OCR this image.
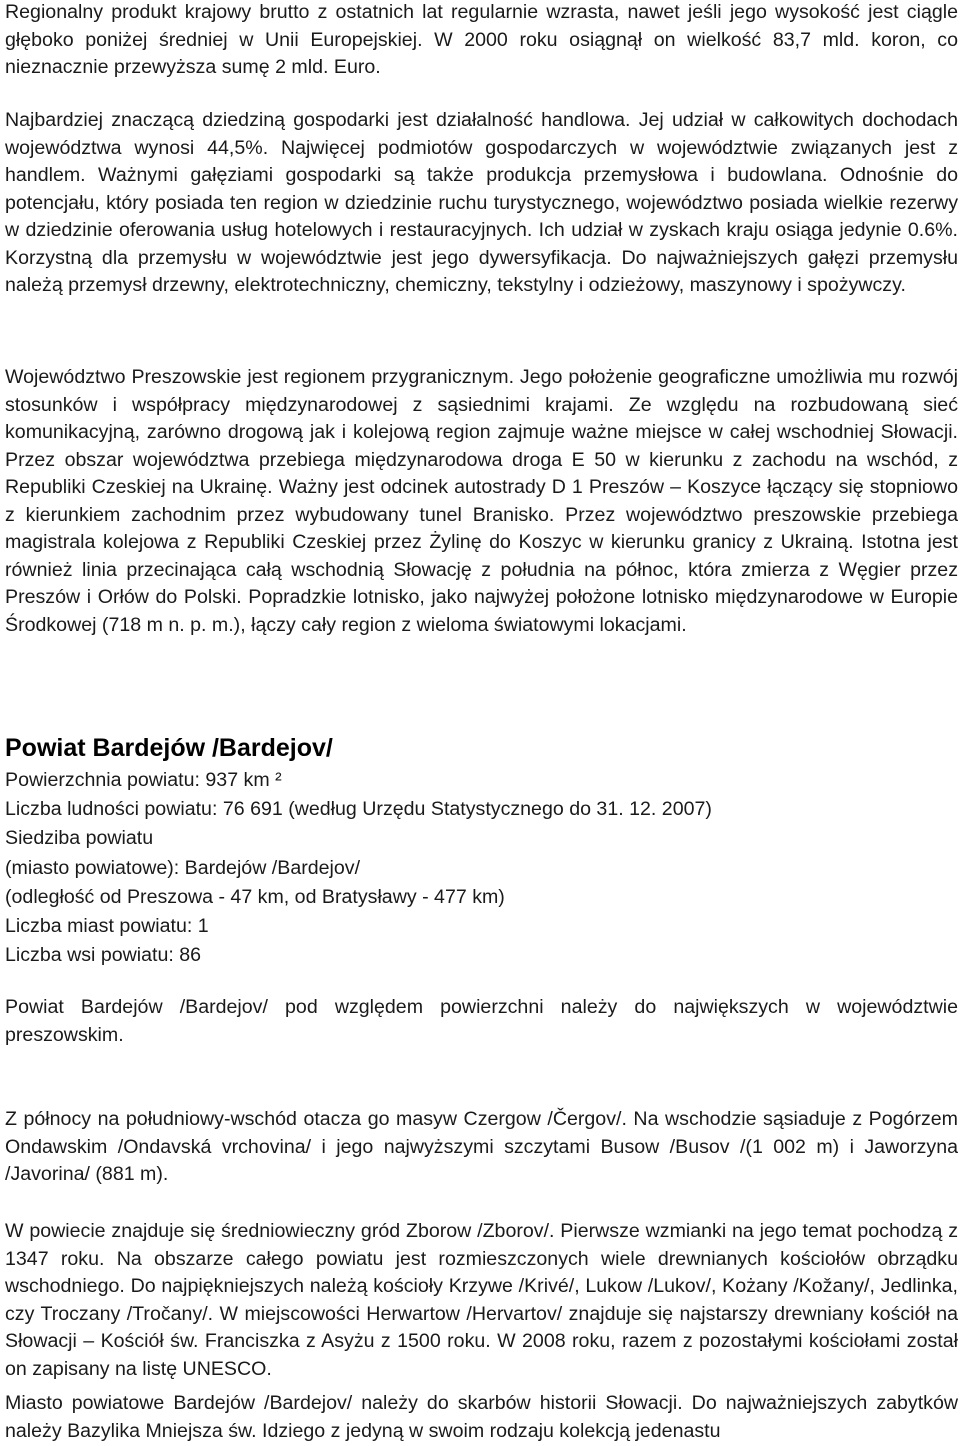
Regionalny produkt krajowy brutto z ostatnich lat regularnie wzrasta, nawet jeśli jego wysokość jest ciągle głęboko poniżej średniej w Unii Europejskiej. W 2000 roku osiągnął on wielkość 83,7 mld. koron, co nieznacznie przewyższa sumę 2 mld. Euro.

Najbardziej znaczącą dziedziną gospodarki jest działalność handlowa. Jej udział w całkowitych dochodach województwa wynosi 44,5%. Najwięcej podmiotów gospodarczych w województwie związanych jest z handlem. Ważnymi gałęziami gospodarki są także produkcja przemysłowa i budowlana. Odnośnie do potencjału, który posiada ten region w dziedzinie ruchu turystycznego, województwo posiada wielkie rezerwy w dziedzinie oferowania usług hotelowych i restauracyjnych. Ich udział w zyskach kraju osiąga jedynie 0.6%. Korzystną dla przemysłu w województwie jest jego dywersyfikacja. Do najważniejszych gałęzi przemysłu należą przemysł drzewny, elektrotechniczny, chemiczny, tekstylny i odzieżowy, maszynowy i spożywczy.

Województwo Preszowskie jest regionem przygranicznym. Jego położenie geograficzne umożliwia mu rozwój stosunków i współpracy międzynarodowej z sąsiednimi krajami. Ze względu na rozbudowaną sieć komunikacyjną, zarówno drogową jak i kolejową region zajmuje ważne miejsce w całej wschodniej Słowacji. Przez obszar województwa przebiega międzynarodowa droga E 50 w kierunku z zachodu na wschód, z Republiki Czeskiej na Ukrainę. Ważny jest odcinek autostrady D 1 Preszów – Koszyce łączący się stopniowo z kierunkiem zachodnim przez wybudowany tunel Branisko. Przez województwo preszowskie przebiega magistrala kolejowa z Republiki Czeskiej przez Żylinę do Koszyc w kierunku granicy z Ukrainą. Istotna jest również linia przecinająca całą wschodnią Słowację z południa na północ, która zmierza z Węgier przez Preszów i Orłów do Polski. Popradzkie lotnisko, jako najwyżej położone lotnisko międzynarodowe w Europie Środkowej (718 m n. p. m.), łączy cały region z wieloma światowymi lokacjami.

Powiat Bardejów /Bardejov/
Powierzchnia powiatu: 937 km ²
Liczba ludności powiatu: 76 691 (według Urzędu Statystycznego do 31. 12. 2007)
Siedziba powiatu
(miasto powiatowe): Bardejów /Bardejov/
(odległość od Preszowa - 47 km, od Bratysławy - 477 km)
Liczba miast powiatu: 1
Liczba wsi powiatu: 86

Powiat Bardejów /Bardejov/ pod względem powierzchni należy do największych w województwie preszowskim.

Z północy na południowy-wschód otacza go masyw Czergow /Čergov/. Na wschodzie sąsiaduje z Pogórzem Ondawskim /Ondavská vrchovina/ i jego najwyższymi szczytami Busow /Busov /(1 002 m) i Jaworzyna /Javorina/ (881 m).

W powiecie znajduje się średniowieczny gród Zborow /Zborov/. Pierwsze wzmianki na jego temat pochodzą z 1347 roku. Na obszarze całego powiatu jest rozmieszczonych wiele drewnianych kościołów obrządku wschodniego. Do najpiękniejszych należą kościoły Krzywe /Krivé/, Lukow /Lukov/, Kożany /Kožany/, Jedlinka, czy Troczany /Tročany/. W miejscowości Herwartow /Hervartov/ znajduje się najstarszy drewniany kościół na Słowacji – Kościół św. Franciszka z Asyżu z 1500 roku. W 2008 roku, razem z pozostałymi kościołami został on zapisany na listę UNESCO.

Miasto powiatowe Bardejów /Bardejov/ należy do skarbów historii Słowacji. Do najważniejszych zabytków należy Bazylika Mniejsza św. Idziego z jedyną w swoim rodzaju kolekcją jedenastu
